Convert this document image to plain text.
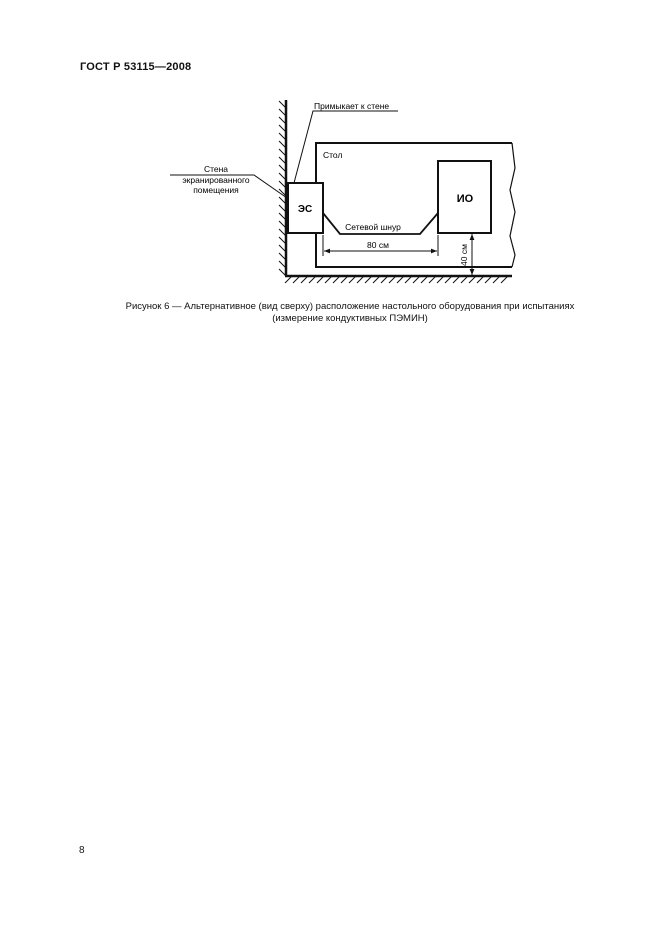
ГОСТ Р 53115—2008
ЭС
ИО
Сетевой шнур
80 см	40 см
Стол
Примыкает к стене
Стена
экранированного
помещения
Рисунок 6 — Альтернативное (вид сверху) расположение настольного оборудования при испытаниях
(измерение кондуктивных ПЭМИН)
8
